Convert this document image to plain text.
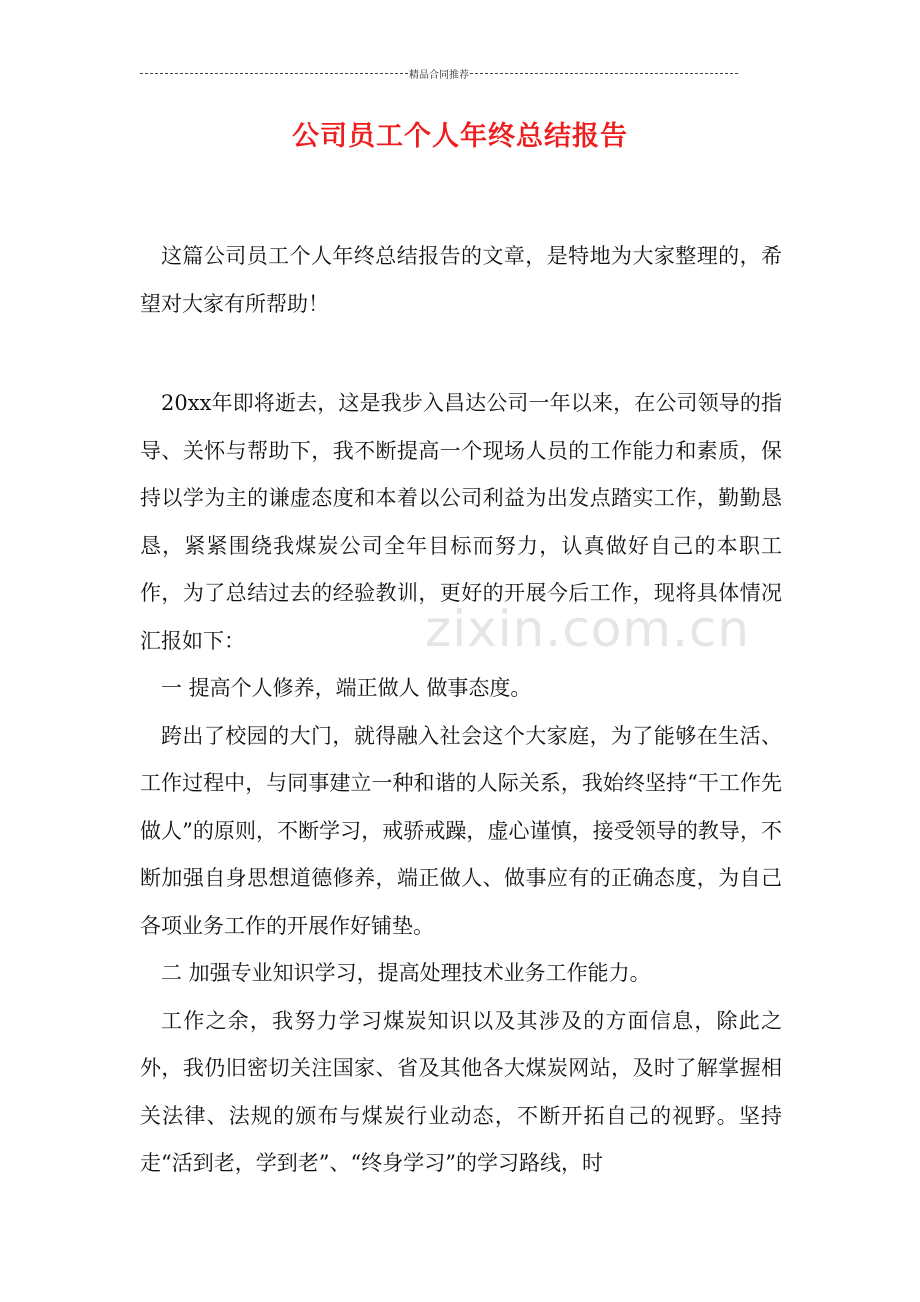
精品合同推荐
公司员工个人年终总结报告

这篇公司员工个人年终总结报告的文章，是特地为大家整理的，希望对大家有所帮助！

20xx年即将逝去，这是我步入昌达公司一年以来，在公司领导的指导、关怀与帮助下，我不断提高一个现场人员的工作能力和素质，保持以学为主的谦虚态度和本着以公司利益为出发点踏实工作，勤勤恳恳，紧紧围绕我煤炭公司全年目标而努力，认真做好自己的本职工作，为了总结过去的经验教训，更好的开展今后工作，现将具体情况汇报如下：

一 提高个人修养，端正做人 做事态度。

跨出了校园的大门，就得融入社会这个大家庭，为了能够在生活、工作过程中，与同事建立一种和谐的人际关系，我始终坚持“干工作先做人”的原则，不断学习，戒骄戒躁，虚心谨慎，接受领导的教导，不断加强自身思想道德修养，端正做人、做事应有的正确态度，为自己各项业务工作的开展作好铺垫。

二 加强专业知识学习，提高处理技术业务工作能力。

工作之余，我努力学习煤炭知识以及其涉及的方面信息，除此之外，我仍旧密切关注国家、省及其他各大煤炭网站，及时了解掌握相关法律、法规的颁布与煤炭行业动态，不断开拓自己的视野。坚持走“活到老，学到老”、“终身学习”的学习路线，时

zixin.com.cn
